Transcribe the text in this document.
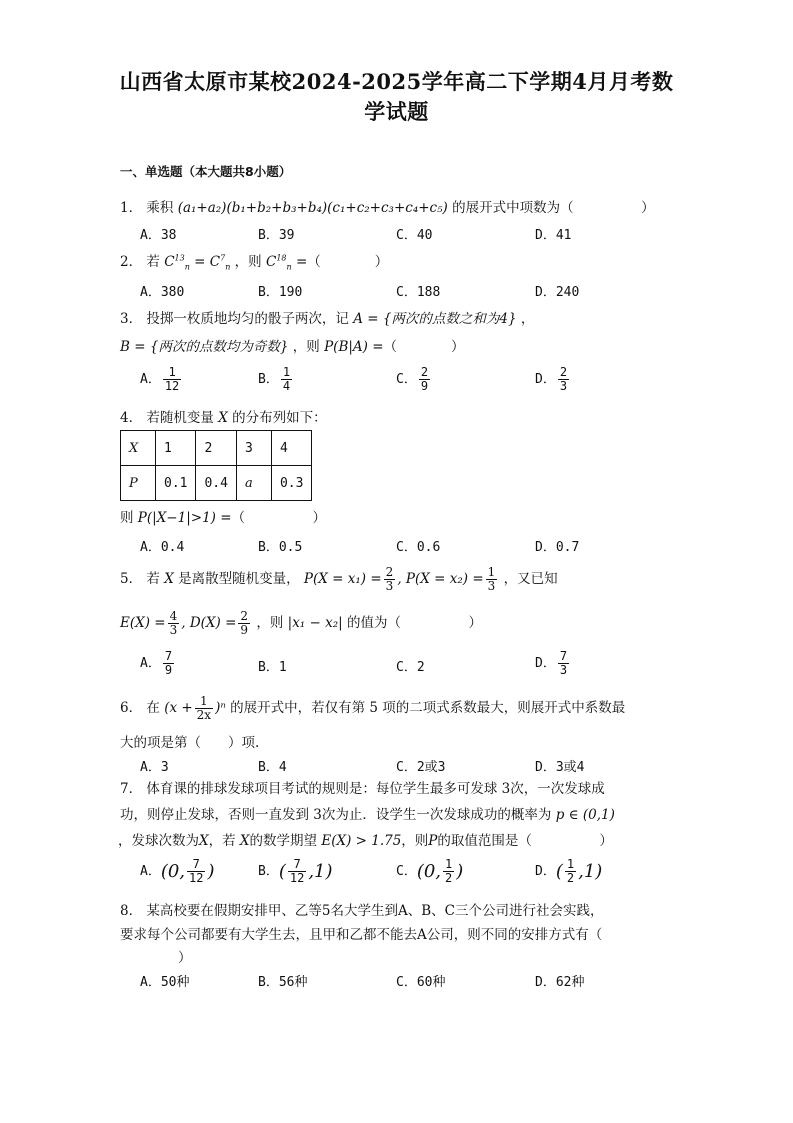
山西省太原市某校2024-2025学年高二下学期4月月考数
学试题
一、单选题（本大题共8小题）
1． 乘积 (a₁+a₂)(b₁+b₂+b₃+b₄)(c₁+c₂+c₃+c₄+c₅) 的展开式中项数为（　　　　　）
A．38	B．39	C．40	D．41
2． 若 $C^{13}_n = C^7_n$ ，则 $C^{18}_n$ =（　　　　）
A．380	B．190	C．188	D．240
3． 投掷一枚质地均匀的骰子两次，记 A = {两次的点数之和为4} ，
B = {两次的点数均为奇数} ，则 P(B|A) =（　　　　）
A． $\frac{1}{12}$	B． $\frac{1}{4}$	C． $\frac{2}{9}$	D． $\frac{2}{3}$
4． 若随机变量 X 的分布列如下：
X	1	2	3	4
P	0.1	0.4	a	0.3
则 P(|X−1|>1) =（　　　　　）
A．0.4	B．0.5	C．0.6	D．0.7
5． 若 X 是离散型随机变量， $P(X = x_1) = \frac{2}{3}$ , $P(X = x_2) = \frac{1}{3}$ ，又已知
$E(X) = \frac{4}{3}$ , $D(X) = \frac{2}{9}$ ，则 |x₁ − x₂| 的值为（　　　　　）
A． $\frac{7}{9}$	B．1	C．2	D． $\frac{7}{3}$
6． 在 $(x + \frac{1}{2x} )^n$ 的展开式中，若仅有第 5 项的二项式系数最大，则展开式中系数最
大的项是第（　　）项.
A．3	B．4	C．2或3	D．3或4
7． 体育课的排球发球项目考试的规则是：每位学生最多可发球 3次，一次发球成
功，则停止发球，否则一直发到 3次为止．设学生一次发球成功的概率为 p ∈ (0,1)
，发球次数为X，若 X的数学期望 E(X) > 1.75，则P的取值范围是（　　　　　）
A．(0, $\frac{7}{12}$ )	B．( $\frac{7}{12} ,1$)	C．(0, $\frac{1}{2}$ )	D．( $\frac{1}{2} ,1$)
8． 某高校要在假期安排甲、乙等5名大学生到A、B、C三个公司进行社会实践，
要求每个公司都要有大学生去，且甲和乙都不能去A公司，则不同的安排方式有（
）
A．50种	B．56种	C．60种	D．62种
